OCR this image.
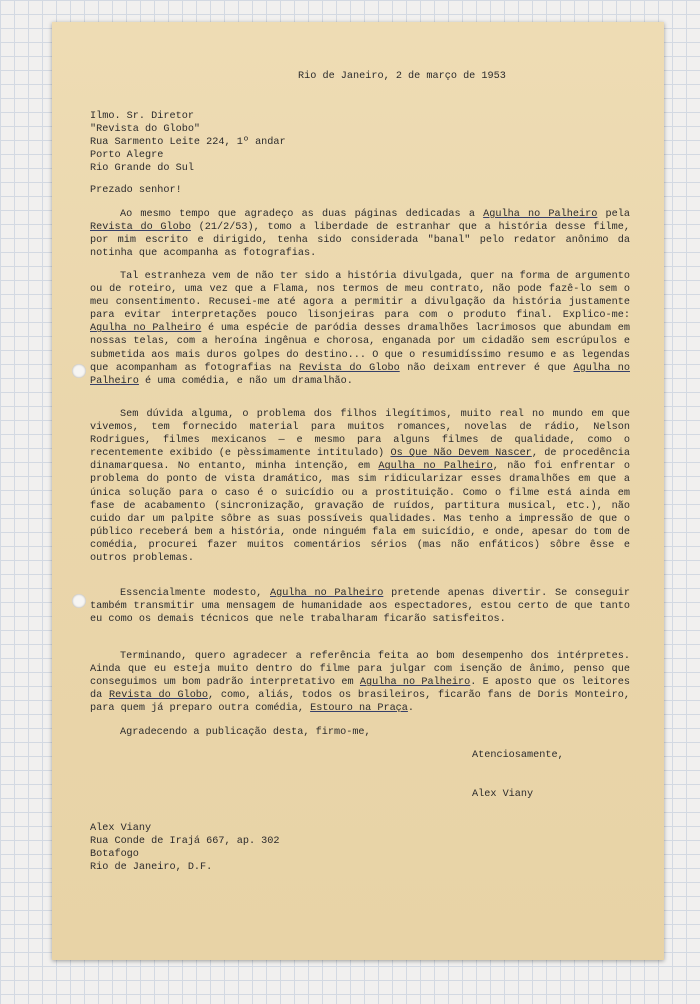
Rio de Janeiro, 2 de março de 1953
Ilmo. Sr. Diretor
"Revista do Globo"
Rua Sarmento Leite 224, 1º andar
Porto Alegre
Rio Grande do Sul
Prezado senhor!

Ao mesmo tempo que agradeço as duas páginas dedicadas a Agulha no Palheiro pela Revista do Globo (21/2/53), tomo a liberdade de estranhar que a história desse filme, por mim escrito e dirigido, tenha sido considerada "banal" pelo redator anônimo da notinha que acompanha as fotografias.

Tal estranheza vem de não ter sido a história divulgada, quer na forma de argumento ou de roteiro, uma vez que a Flama, nos termos de meu contrato, não pode fazê-lo sem o meu consentimento. Recusei-me até agora a permitir a divulgação da história justamente para evitar interpretações pouco lisonjeiras para com o produto final. Explico-me: Agulha no Palheiro é uma espécie de paródia desses dramalhões lacrimosos que abundam em nossas telas, com a heroína ingênua e chorosa, enganada por um cidadão sem escrúpulos e submetida aos mais duros golpes do destino... O que o resumidíssimo resumo e as legendas que acompanham as fotografias na Revista do Globo não deixam entrever é que Agulha no Palheiro é uma comédia, e não um dramalhão.

Sem dúvida alguma, o problema dos filhos ilegítimos, muito real no mundo em que vivemos, tem fornecido material para muitos romances, novelas de rádio, Nelson Rodrigues, filmes mexicanos — e mesmo para alguns filmes de qualidade, como o recentemente exibido (e pèssimamente intitulado) Os Que Não Devem Nascer, de procedência dinamarquesa. No entanto, minha intenção, em Agulha no Palheiro, não foi enfrentar o problema do ponto de vista dramático, mas sim ridicularizar esses dramalhões em que a única solução para o caso é o suicídio ou a prostituição. Como o filme está ainda em fase de acabamento (sincronização, gravação de ruídos, partitura musical, etc.), não cuido dar um palpite sôbre as suas possíveis qualidades. Mas tenho a impressão de que o público receberá bem a história, onde ninguém fala em suicídio, e onde, apesar do tom de comédia, procurei fazer muitos comentários sérios (mas não enfáticos) sôbre êsse e outros problemas.

Essencialmente modesto, Agulha no Palheiro pretende apenas divertir. Se conseguir também transmitir uma mensagem de humanidade aos espectadores, estou certo de que tanto eu como os demais técnicos que nele trabalharam ficarão satisfeitos.

Terminando, quero agradecer a referência feita ao bom desempenho dos intérpretes. Ainda que eu esteja muito dentro do filme para julgar com isenção de ânimo, penso que conseguimos um bom padrão interpretativo em Agulha no Palheiro. E aposto que os leitores da Revista do Globo, como, aliás, todos os brasileiros, ficarão fans de Doris Monteiro, para quem já preparo outra comédia, Estouro na Praça.

Agradecendo a publicação desta, firmo-me,

Atenciosamente,
Alex Viany
Alex Viany
Rua Conde de Irajá 667, ap. 302
Botafogo
Rio de Janeiro, D.F.
